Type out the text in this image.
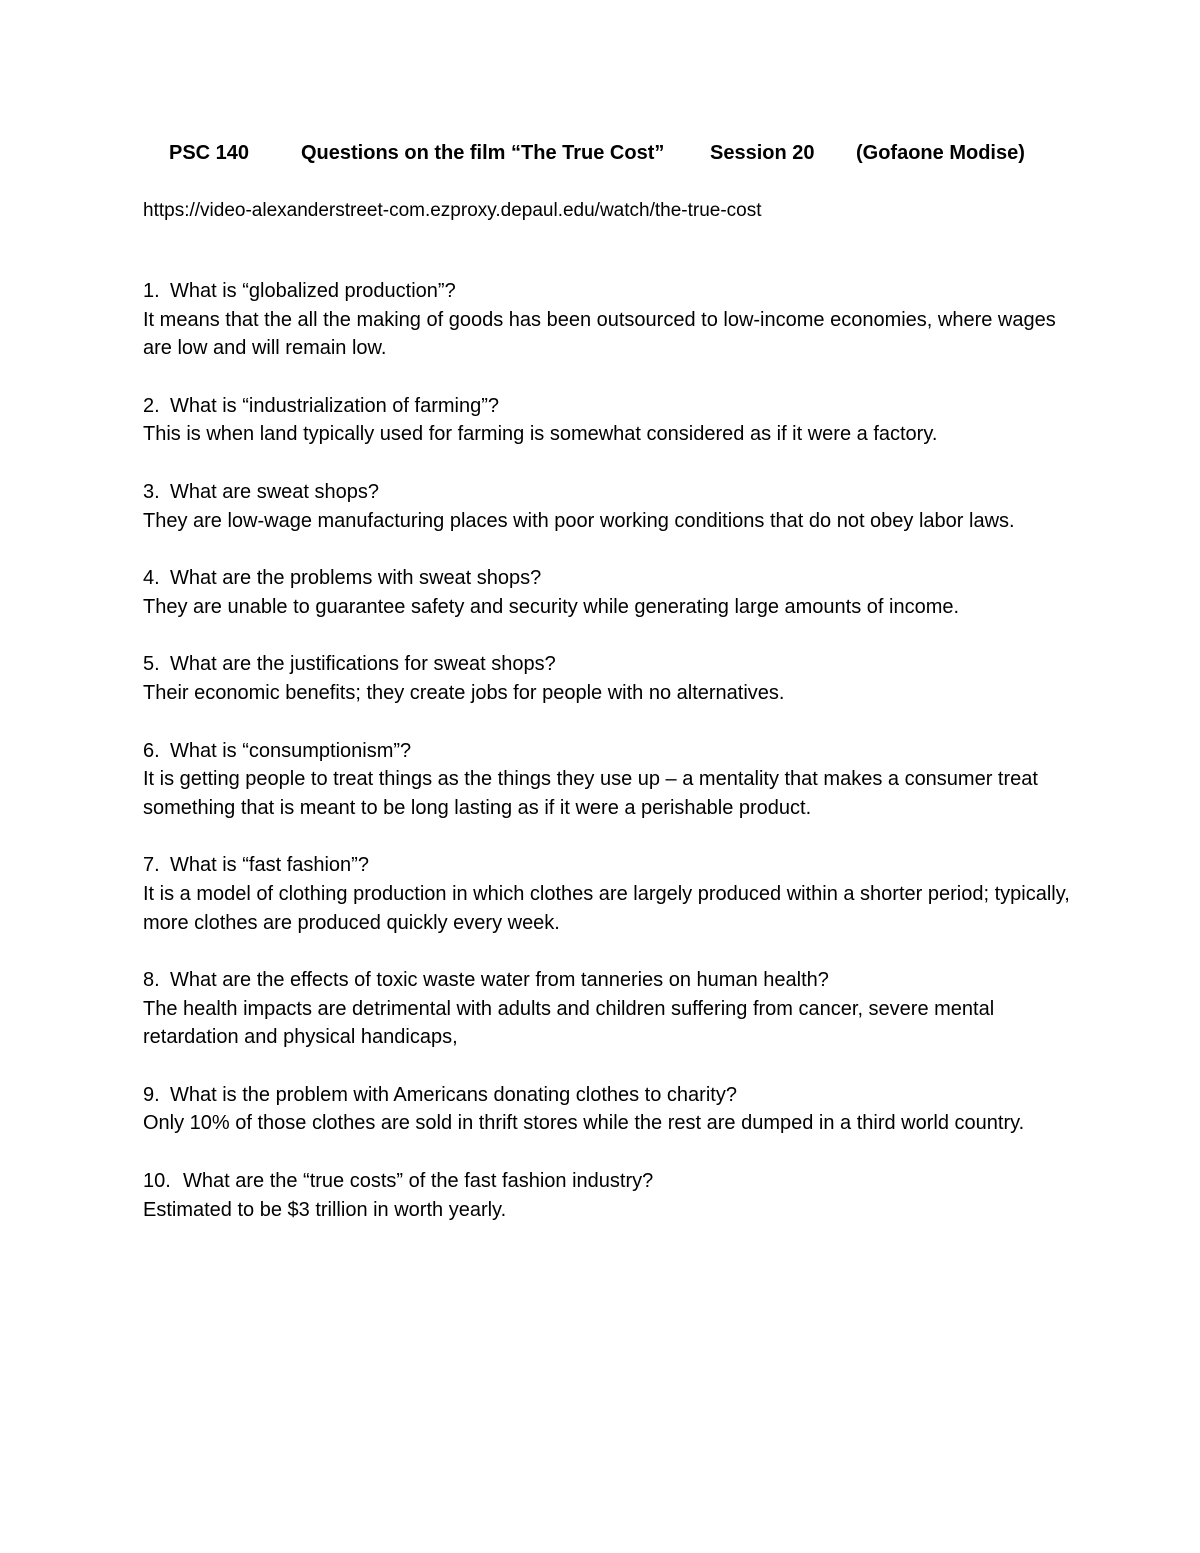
PSC 140	Questions on the film “The True Cost” Session 20 (Gofaone Modise)
https://video-alexanderstreet-com.ezproxy.depaul.edu/watch/the-true-cost
1. What is “globalized production”?
It means that the all the making of goods has been outsourced to low-income economies, where wages are low and will remain low.
2. What is “industrialization of farming”?
This is when land typically used for farming is somewhat considered as if it were a factory.
3. What are sweat shops?
They are low-wage manufacturing places with poor working conditions that do not obey labor laws.
4. What are the problems with sweat shops?
They are unable to guarantee safety and security while generating large amounts of income.
5. What are the justifications for sweat shops?
Their economic benefits; they create jobs for people with no alternatives.
6. What is “consumptionism”?
It is getting people to treat things as the things they use up – a mentality that makes a consumer treat something that is meant to be long lasting as if it were a perishable product.
7. What is “fast fashion”?
It is a model of clothing production in which clothes are largely produced within a shorter period; typically, more clothes are produced quickly every week.
8. What are the effects of toxic waste water from tanneries on human health?
The health impacts are detrimental with adults and children suffering from cancer, severe mental retardation and physical handicaps,
9. What is the problem with Americans donating clothes to charity?
Only 10% of those clothes are sold in thrift stores while the rest are dumped in a third world country.
10. What are the “true costs” of the fast fashion industry?
Estimated to be $3 trillion in worth yearly.
